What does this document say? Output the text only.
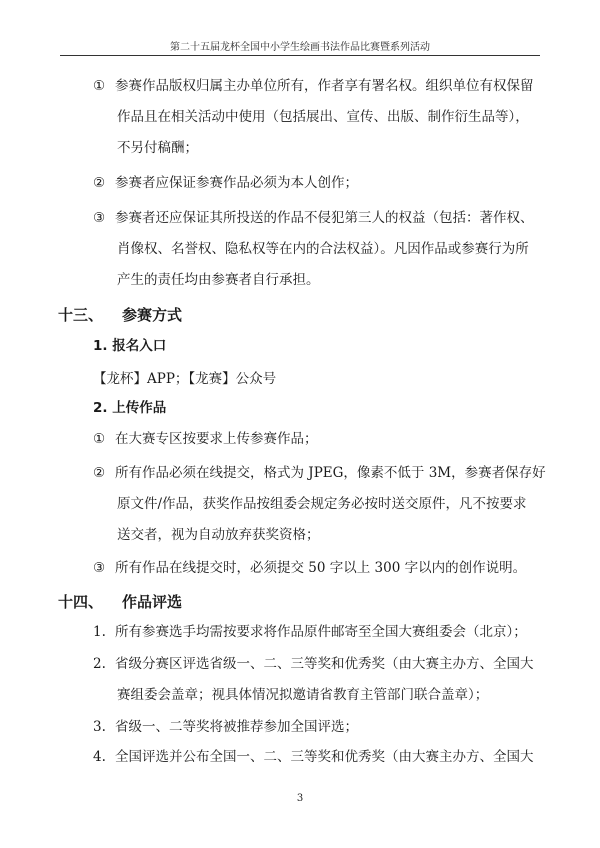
第二十五届龙杯全国中小学生绘画书法作品比赛暨系列活动
① 参赛作品版权归属主办单位所有，作者享有署名权。组织单位有权保留
作品且在相关活动中使用（包括展出、宣传、出版、制作衍生品等），
不另付稿酬；
② 参赛者应保证参赛作品必须为本人创作；
③ 参赛者还应保证其所投送的作品不侵犯第三人的权益（包括：著作权、
肖像权、名誉权、隐私权等在内的合法权益）。凡因作品或参赛行为所
产生的责任均由参赛者自行承担。
十三、 参赛方式
1. 报名入口
【龙杯】APP；【龙赛】公众号
2. 上传作品
① 在大赛专区按要求上传参赛作品；
② 所有作品必须在线提交，格式为 JPEG，像素不低于 3M，参赛者保存好
原文件/作品，获奖作品按组委会规定务必按时送交原件，凡不按要求
送交者，视为自动放弃获奖资格；
③ 所有作品在线提交时，必须提交 50 字以上 300 字以内的创作说明。
十四、 作品评选
1. 所有参赛选手均需按要求将作品原件邮寄至全国大赛组委会（北京）；
2. 省级分赛区评选省级一、二、三等奖和优秀奖（由大赛主办方、全国大
赛组委会盖章；视具体情况拟邀请省教育主管部门联合盖章）；
3. 省级一、二等奖将被推荐参加全国评选；
4. 全国评选并公布全国一、二、三等奖和优秀奖（由大赛主办方、全国大
3
